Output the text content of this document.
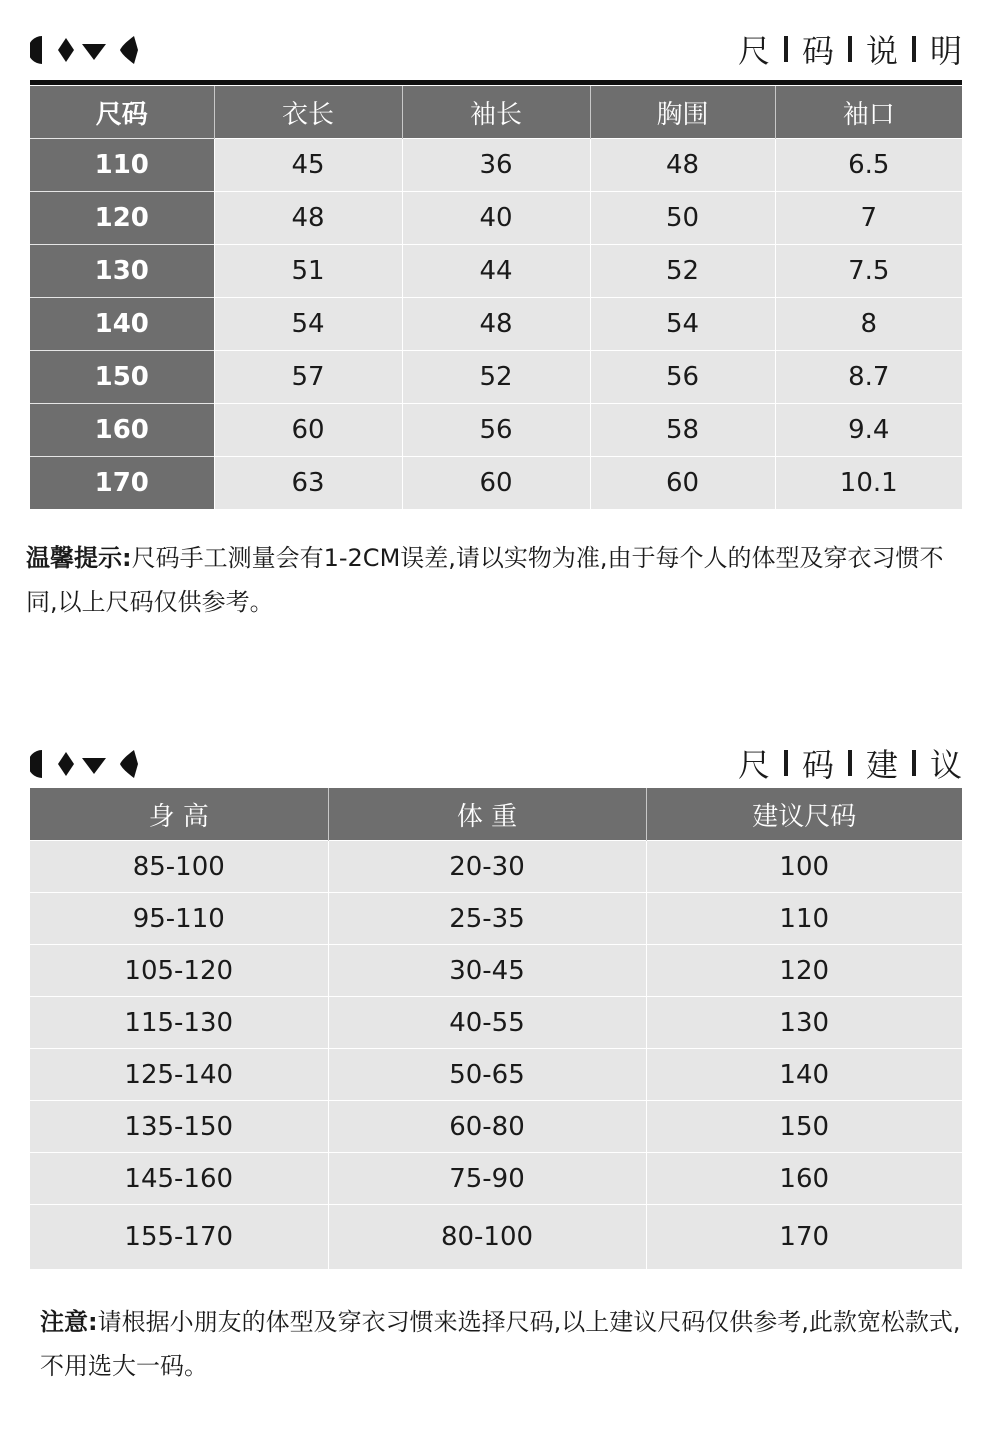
尺 码 说 明
尺码	衣长	袖长	胸围	袖口
110	45	36	48	6.5
120	48	40	50	7
130	51	44	52	7.5
140	54	48	54	8
150	57	52	56	8.7
160	60	56	58	9.4
170	63	60	60	10.1
温馨提示:尺码手工测量会有1-2CM误差,请以实物为准,由于每个人的体型及穿衣习惯不同,以上尺码仅供参考。
尺 码 建 议
身 高	体 重	建议尺码
85-100	20-30	100
95-110	25-35	110
105-120	30-45	120
115-130	40-55	130
125-140	50-65	140
135-150	60-80	150
145-160	75-90	160
155-170	80-100	170
注意:请根据小朋友的体型及穿衣习惯来选择尺码,以上建议尺码仅供参考,此款宽松款式,不用选大一码。
